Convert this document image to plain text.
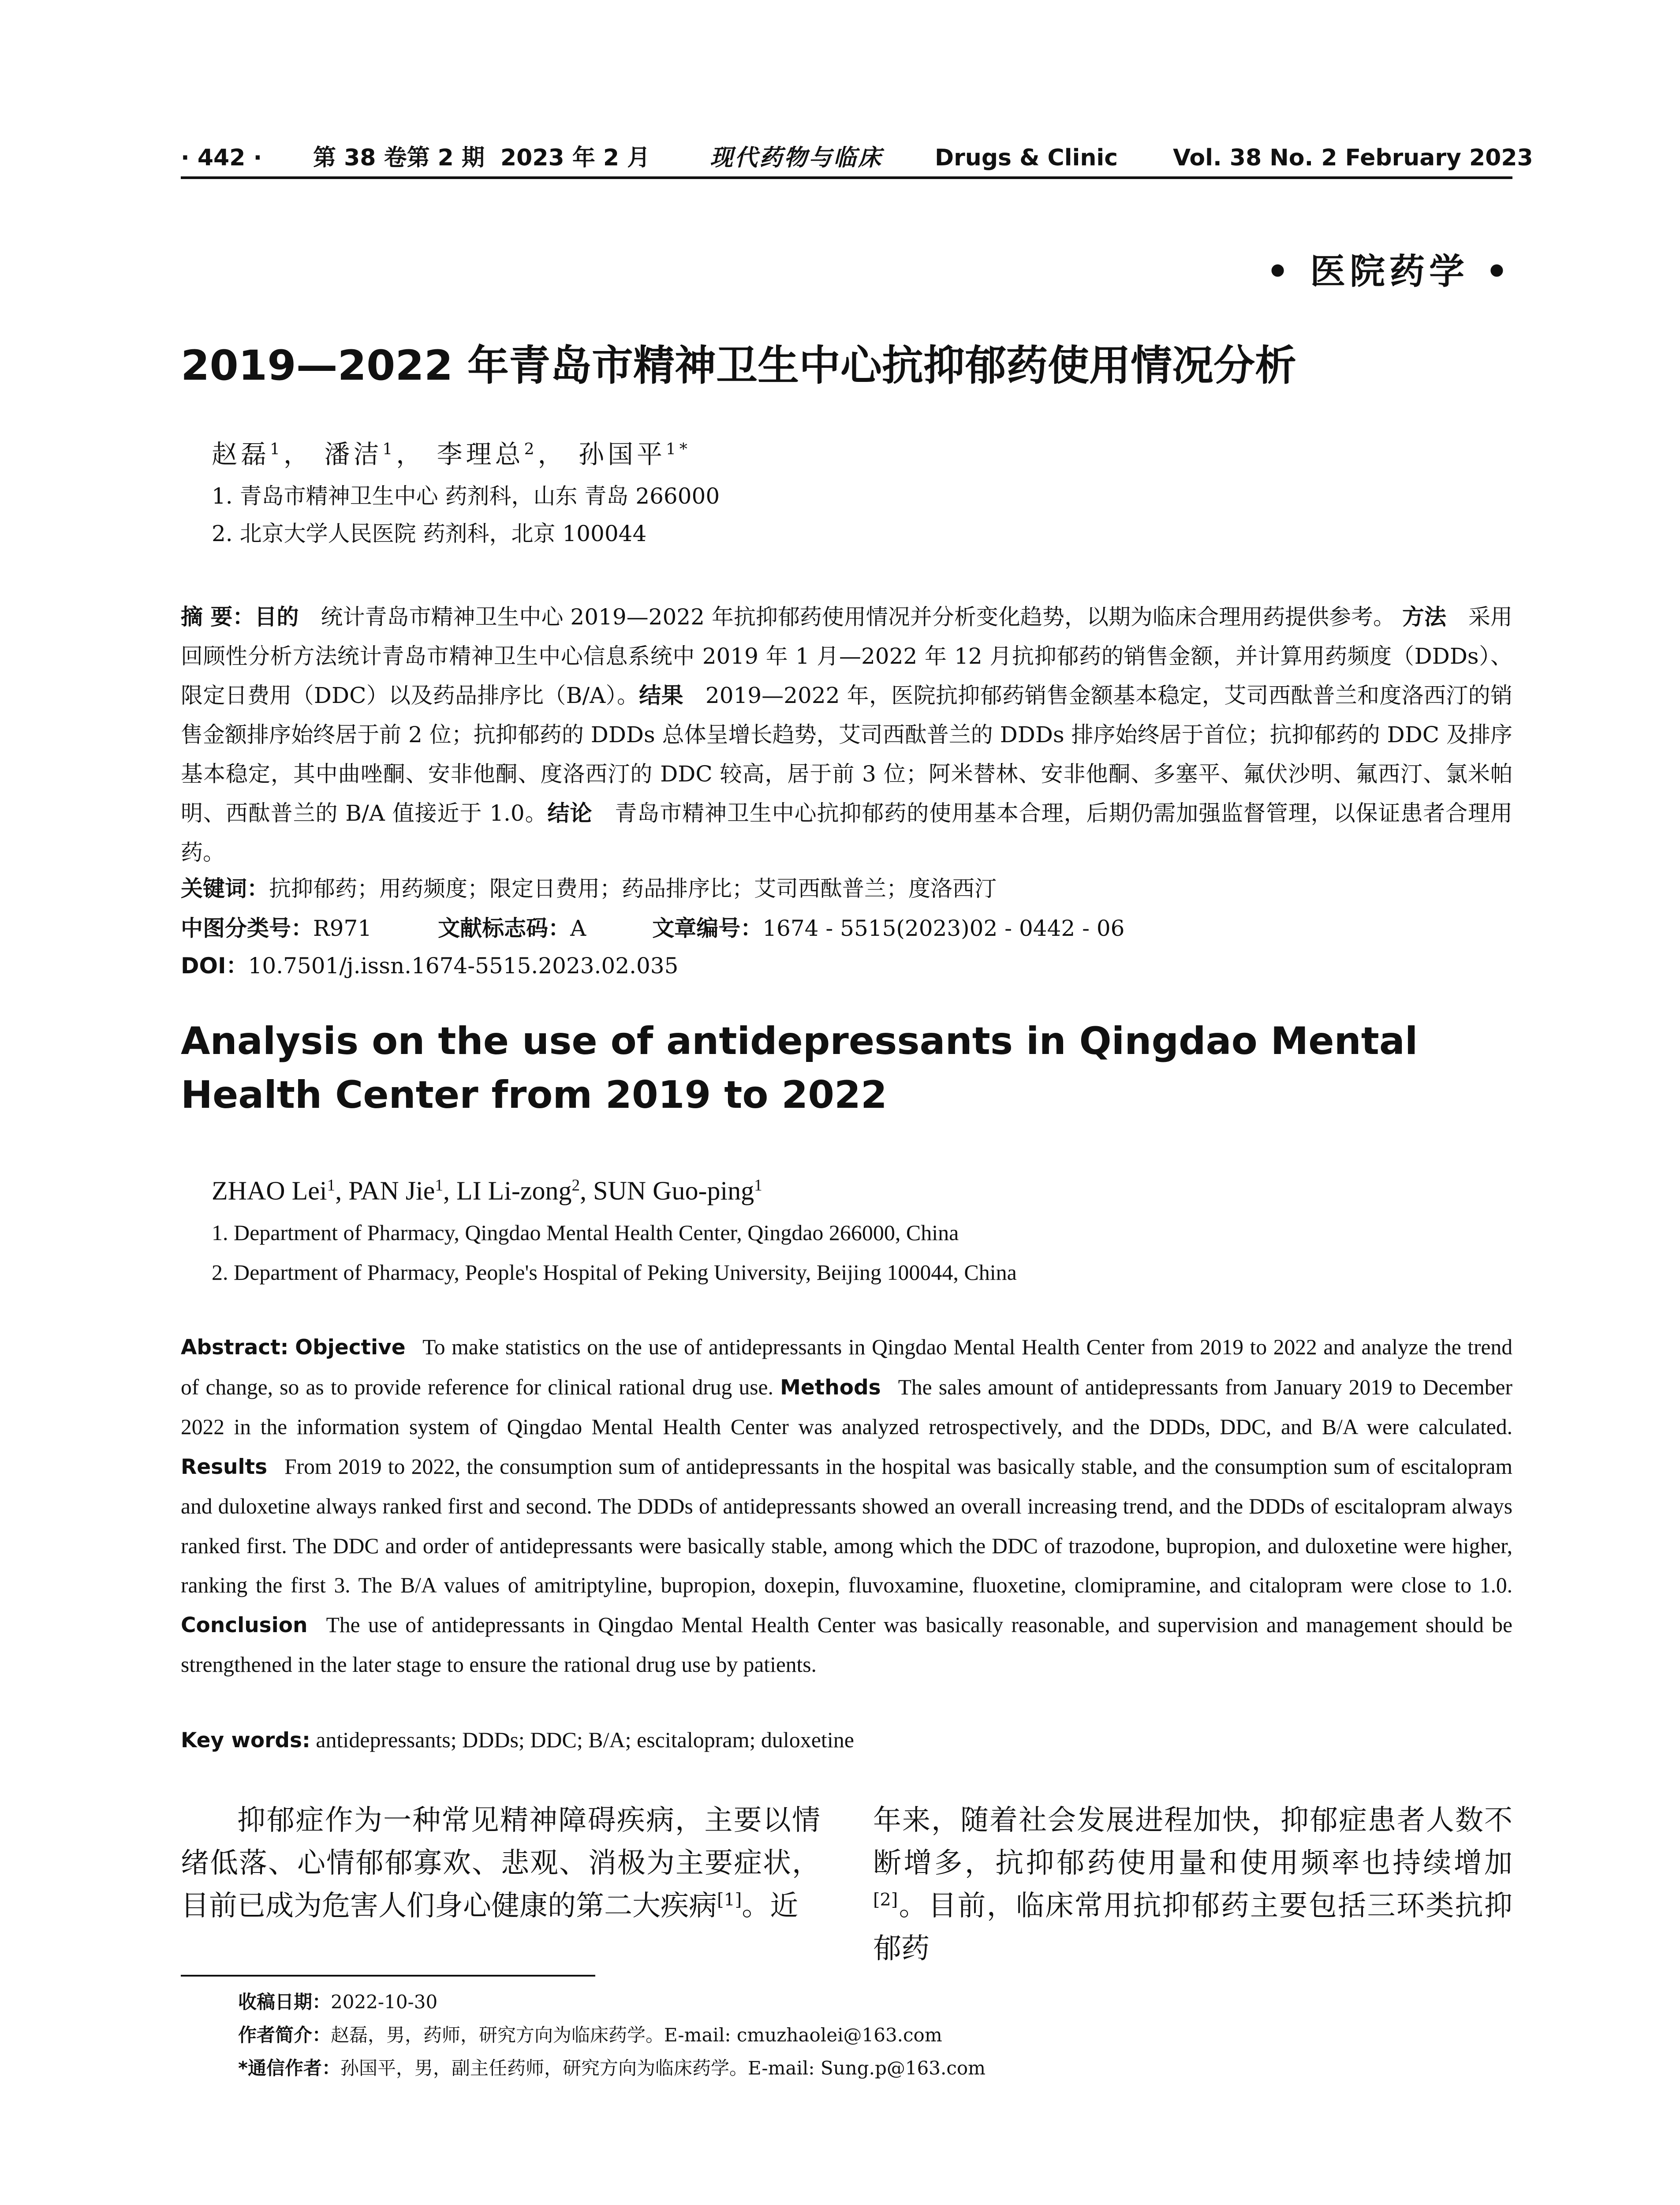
· 442 · 第 38 卷第 2 期 2023 年 2 月	现代药物与临床 Drugs & Clinic Vol. 38 No. 2 February 2023
• 医院药学 •
2019—2022 年青岛市精神卫生中心抗抑郁药使用情况分析
赵磊$^1$， 潘洁$^1$， 李理总$^2$， 孙国平$^{1*}$
1. 青岛市精神卫生中心 药剂科，山东 青岛 266000
2. 北京大学人民医院 药剂科，北京 100044
摘 要：目的   统计青岛市精神卫生中心 2019—2022 年抗抑郁药使用情况并分析变化趋势，以期为临床合理用药提供参考。 方法   采用回顾性分析方法统计青岛市精神卫生中心信息系统中 2019 年 1 月—2022 年 12 月抗抑郁药的销售金额，并计算用药频度（DDDs）、限定日费用（DDC）以及药品排序比（B/A）。结果   2019—2022 年，医院抗抑郁药销售金额基本稳定，艾司西酞普兰和度洛西汀的销售金额排序始终居于前 2 位；抗抑郁药的 DDDs 总体呈增长趋势，艾司西酞普兰的 DDDs 排序始终居于首位；抗抑郁药的 DDC 及排序基本稳定，其中曲唑酮、安非他酮、度洛西汀的 DDC 较高，居于前 3 位；阿米替林、安非他酮、多塞平、氟伏沙明、氟西汀、氯米帕明、西酞普兰的 B/A 值接近于 1.0。结论   青岛市精神卫生中心抗抑郁药的使用基本合理，后期仍需加强监督管理，以保证患者合理用药。
关键词：抗抑郁药；用药频度；限定日费用；药品排序比；艾司西酞普兰；度洛西汀
中图分类号：R971	文献标志码：A	文章编号：1674 - 5515(2023)02 - 0442 - 06
DOI：10.7501/j.issn.1674-5515.2023.02.035
Analysis on the use of antidepressants in Qingdao Mental Health Center from 2019 to 2022
ZHAO Lei$^1$, PAN Jie$^1$, LI Li-zong$^2$, SUN Guo-ping$^1$
1. Department of Pharmacy, Qingdao Mental Health Center, Qingdao 266000, China
2. Department of Pharmacy, People's Hospital of Peking University, Beijing 100044, China
Abstract: Objective  To make statistics on the use of antidepressants in Qingdao Mental Health Center from 2019 to 2022 and analyze the trend of change, so as to provide reference for clinical rational drug use. Methods  The sales amount of antidepressants from January 2019 to December 2022 in the information system of Qingdao Mental Health Center was analyzed retrospectively, and the DDDs, DDC, and B/A were calculated. Results  From 2019 to 2022, the consumption sum of antidepressants in the hospital was basically stable, and the consumption sum of escitalopram and duloxetine always ranked first and second. The DDDs of antidepressants showed an overall increasing trend, and the DDDs of escitalopram always ranked first. The DDC and order of antidepressants were basically stable, among which the DDC of trazodone, bupropion, and duloxetine were higher, ranking the first 3. The B/A values of amitriptyline, bupropion, doxepin, fluvoxamine, fluoxetine, clomipramine, and citalopram were close to 1.0. Conclusion  The use of antidepressants in Qingdao Mental Health Center was basically reasonable, and supervision and management should be strengthened in the later stage to ensure the rational drug use by patients.
Key words: antidepressants; DDDs; DDC; B/A; escitalopram; duloxetine

抑郁症作为一种常见精神障碍疾病，主要以情绪低落、心情郁郁寡欢、悲观、消极为主要症状，目前已成为危害人们身心健康的第二大疾病[1]。近

年来，随着社会发展进程加快，抑郁症患者人数不断增多，抗抑郁药使用量和使用频率也持续增加[2]。目前，临床常用抗抑郁药主要包括三环类抗抑郁药

收稿日期：2022-10-30
作者简介：赵磊，男，药师，研究方向为临床药学。E-mail: cmuzhaolei@163.com
*通信作者：孙国平，男，副主任药师，研究方向为临床药学。E-mail: Sung.p@163.com
